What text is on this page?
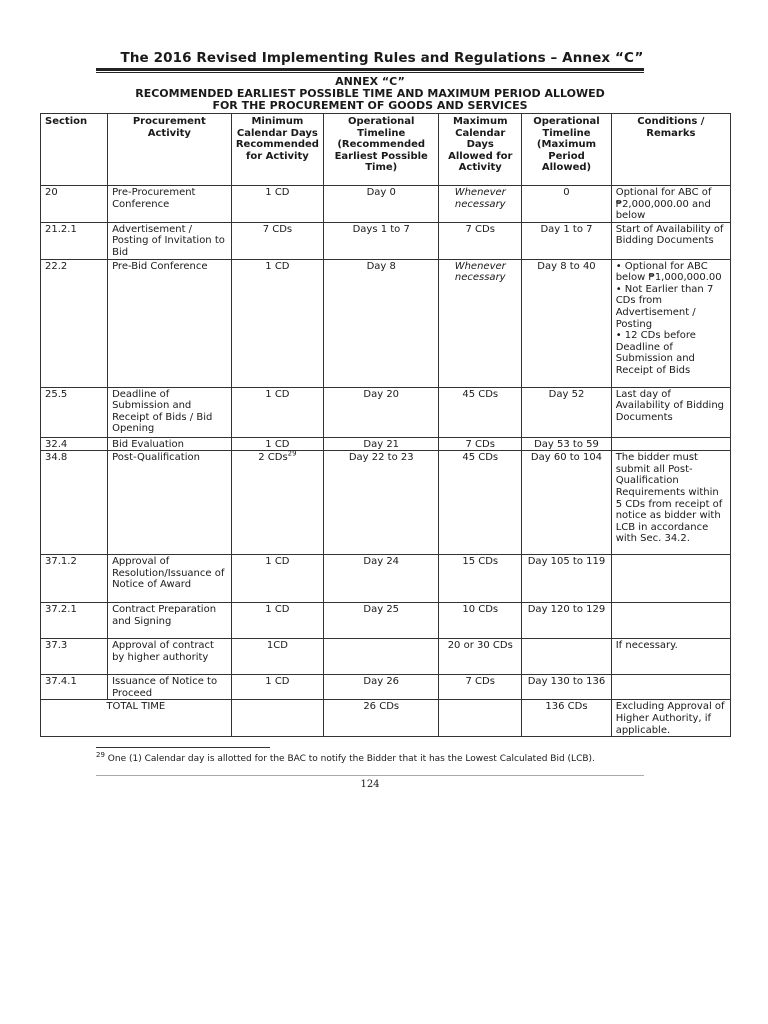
The 2016 Revised Implementing Rules and Regulations – Annex “C”
ANNEX “C”
RECOMMENDED EARLIEST POSSIBLE TIME AND MAXIMUM PERIOD ALLOWED
FOR THE PROCUREMENT OF GOODS AND SERVICES
Section	Procurement Activity	Minimum Calendar Days Recommended for Activity	Operational Timeline (Recommended Earliest Possible Time)	Maximum Calendar Days Allowed for Activity	Operational Timeline (Maximum Period Allowed)	Conditions / Remarks
20	Pre-Procurement Conference	1 CD	Day 0	Whenever necessary	0	Optional for ABC of ₱2,000,000.00 and below
21.2.1	Advertisement / Posting of Invitation to Bid	7 CDs	Days 1 to 7	7 CDs	Day 1 to 7	Start of Availability of Bidding Documents
22.2	Pre-Bid Conference	1 CD	Day 8	Whenever necessary	Day 8 to 40	• Optional for ABC below ₱1,000,000.00
• Not Earlier than 7 CDs from Advertisement / Posting
• 12 CDs before Deadline of Submission and Receipt of Bids

25.5	Deadline of Submission and Receipt of Bids / Bid Opening	1 CD	Day 20	45 CDs	Day 52	Last day of Availability of Bidding Documents
32.4	Bid Evaluation	1 CD	Day 21	7 CDs	Day 53 to 59	
34.8	Post-Qualification	2 CDs$^{29}$	Day 22 to 23	45 CDs	Day 60 to 104	The bidder must submit all Post-Qualification Requirements within 5 CDs from receipt of notice as bidder with LCB in accordance with Sec. 34.2.
37.1.2	Approval of Resolution/Issuance of Notice of Award	1 CD	Day 24	15 CDs	Day 105 to 119	
37.2.1	Contract Preparation and Signing	1 CD	Day 25	10 CDs	Day 120 to 129	
37.3	Approval of contract by higher authority	1CD		20 or 30 CDs		If necessary.
37.4.1	Issuance of Notice to Proceed	1 CD	Day 26	7 CDs	Day 130 to 136	
TOTAL TIME			26 CDs		136 CDs	Excluding Approval of Higher Authority, if applicable.
$^{29}$ One (1) Calendar day is allotted for the BAC to notify the Bidder that it has the Lowest Calculated Bid (LCB).
124
